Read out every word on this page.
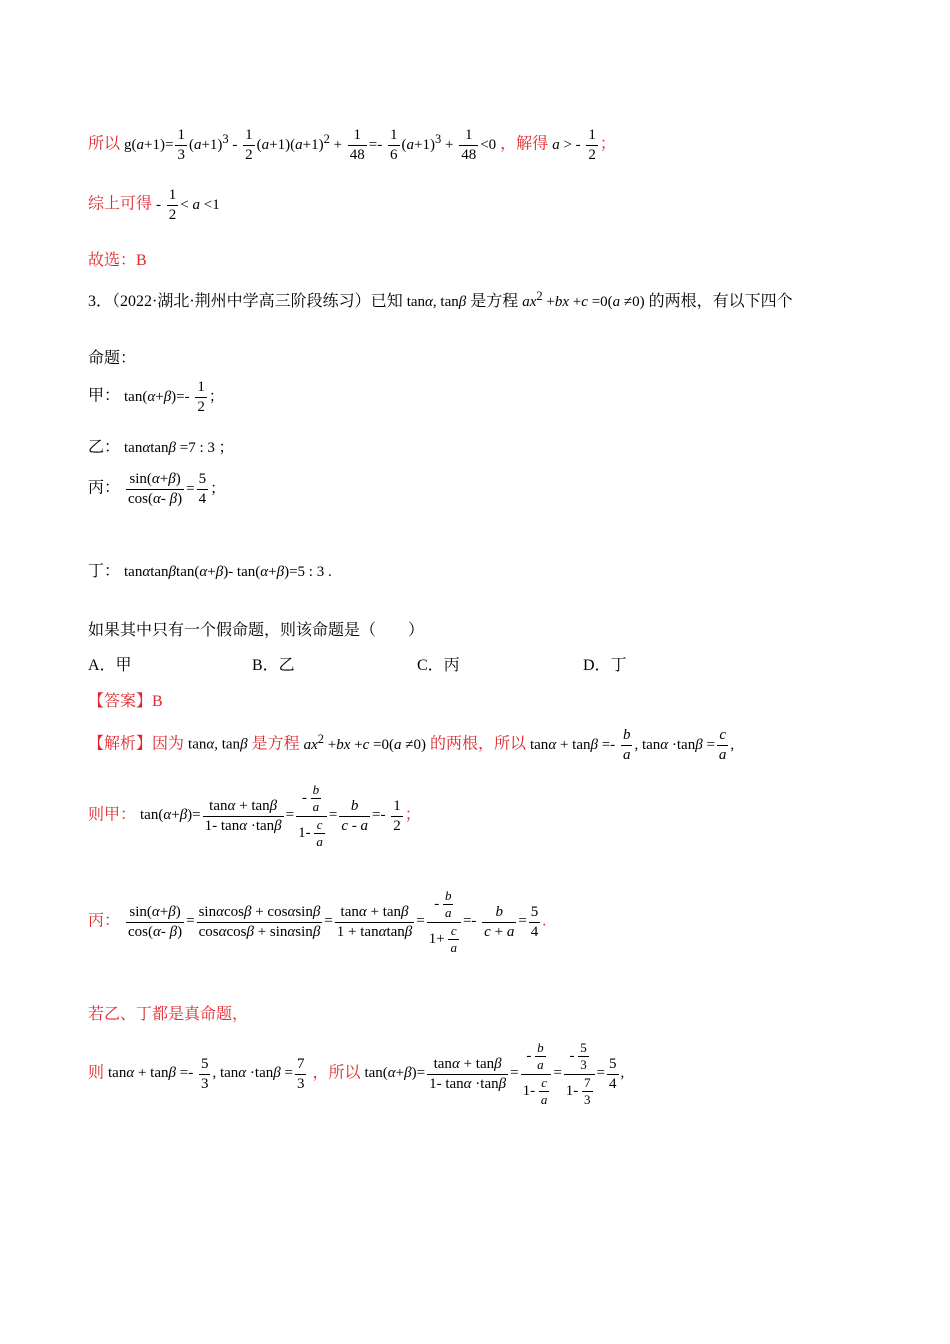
所以 $g(a+1)= \frac{1}{3} (a+1)^3 - \frac{1}{2} (a+1)(a+1)^2 + \frac{1}{48} =- \frac{1}{6} (a+1)^3 + \frac{1}{48} <0$ ，解得 a > - $\frac{1}{2}$ ；
综上可得 - $\frac{1}{2} < a <1$
故选：B
3．（2022·湖北·荆州中学高三阶段练习）已知 tanα, tanβ 是方程 $ax^2 +bx +c =0(a \ne 0)$ 的两根，有以下四个
命题：
甲： $\tan(\alpha+\beta)=- \frac{1}{2}$ ；
乙： tanαtanβ =7 : 3 ；
丙： $\frac{\sin(\alpha+\beta)}{\cos(\alpha- \beta)} = \frac{5}{4}$ ；
丁： tanαtanβtan(α+β)- tan(α+β)=5 : 3 .
如果其中只有一个假命题，则该命题是（　　）
A．甲	B．乙	C．丙	D．丁
【答案】B
【解析】因为 tanα, tanβ 是方程 $ax^2 +bx +c =0(a \ne 0)$ 的两根，所以 $\tan\alpha + \tan\beta =- \frac{b}{a}$ , $\tan\alpha \cdot\tan\beta = \frac{c}{a}$ ,
则甲： $\tan(\alpha+\beta)= \frac{\tan\alpha + \tan\beta}{1- \tan\alpha \cdot\tan\beta} = \frac{- \frac{b}{a}}{1- \frac{c}{a}} = \frac{b}{c - a} =- \frac{1}{2}$ ；
丙： $\frac{\sin(\alpha+\beta)}{\cos(\alpha- \beta)} = \frac{\sin\alpha\cos\beta + \cos\alpha\sin\beta}{\cos\alpha\cos\beta + \sin\alpha\sin\beta} = \frac{\tan\alpha + \tan\beta}{1 + \tan\alpha\tan\beta} = \frac{- \frac{b}{a}}{1+ \frac{c}{a}} =- \frac{b}{c + a} = \frac{5}{4}$ .
若乙、丁都是真命题，
则 $\tan\alpha + \tan\beta =- \frac{5}{3}$ , $\tan\alpha \cdot\tan\beta = \frac{7}{3}$ ，所以 $\tan(\alpha+\beta)= \frac{\tan\alpha + \tan\beta}{1- \tan\alpha \cdot\tan\beta} = \frac{- \frac{b}{a}}{1- \frac{c}{a}} = \frac{- \frac{5}{3}}{1- \frac{7}{3}} = \frac{5}{4}$ ,
